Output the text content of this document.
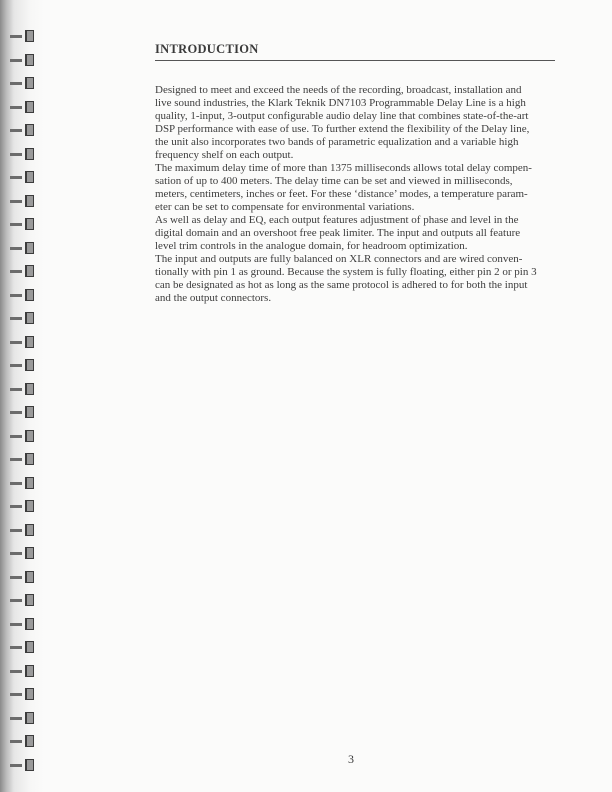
INTRODUCTION

Designed to meet and exceed the needs of the recording, broadcast, installation and
live sound industries, the Klark Teknik DN7103 Programmable Delay Line is a high
quality, 1-input, 3-output configurable audio delay line that combines state-of-the-art
DSP performance with ease of use. To further extend the flexibility of the Delay line,
the unit also incorporates two bands of parametric equalization and a variable high
frequency shelf on each output.

The maximum delay time of more than 1375 milliseconds allows total delay compen-
sation of up to 400 meters. The delay time can be set and viewed in milliseconds,
meters, centimeters, inches or feet. For these ‘distance’ modes, a temperature param-
eter can be set to compensate for environmental variations.

As well as delay and EQ, each output features adjustment of phase and level in the
digital domain and an overshoot free peak limiter. The input and outputs all feature
level trim controls in the analogue domain, for headroom optimization.

The input and outputs are fully balanced on XLR connectors and are wired conven-
tionally with pin 1 as ground. Because the system is fully floating, either pin 2 or pin 3
can be designated as hot as long as the same protocol is adhered to for both the input
and the output connectors.

3
